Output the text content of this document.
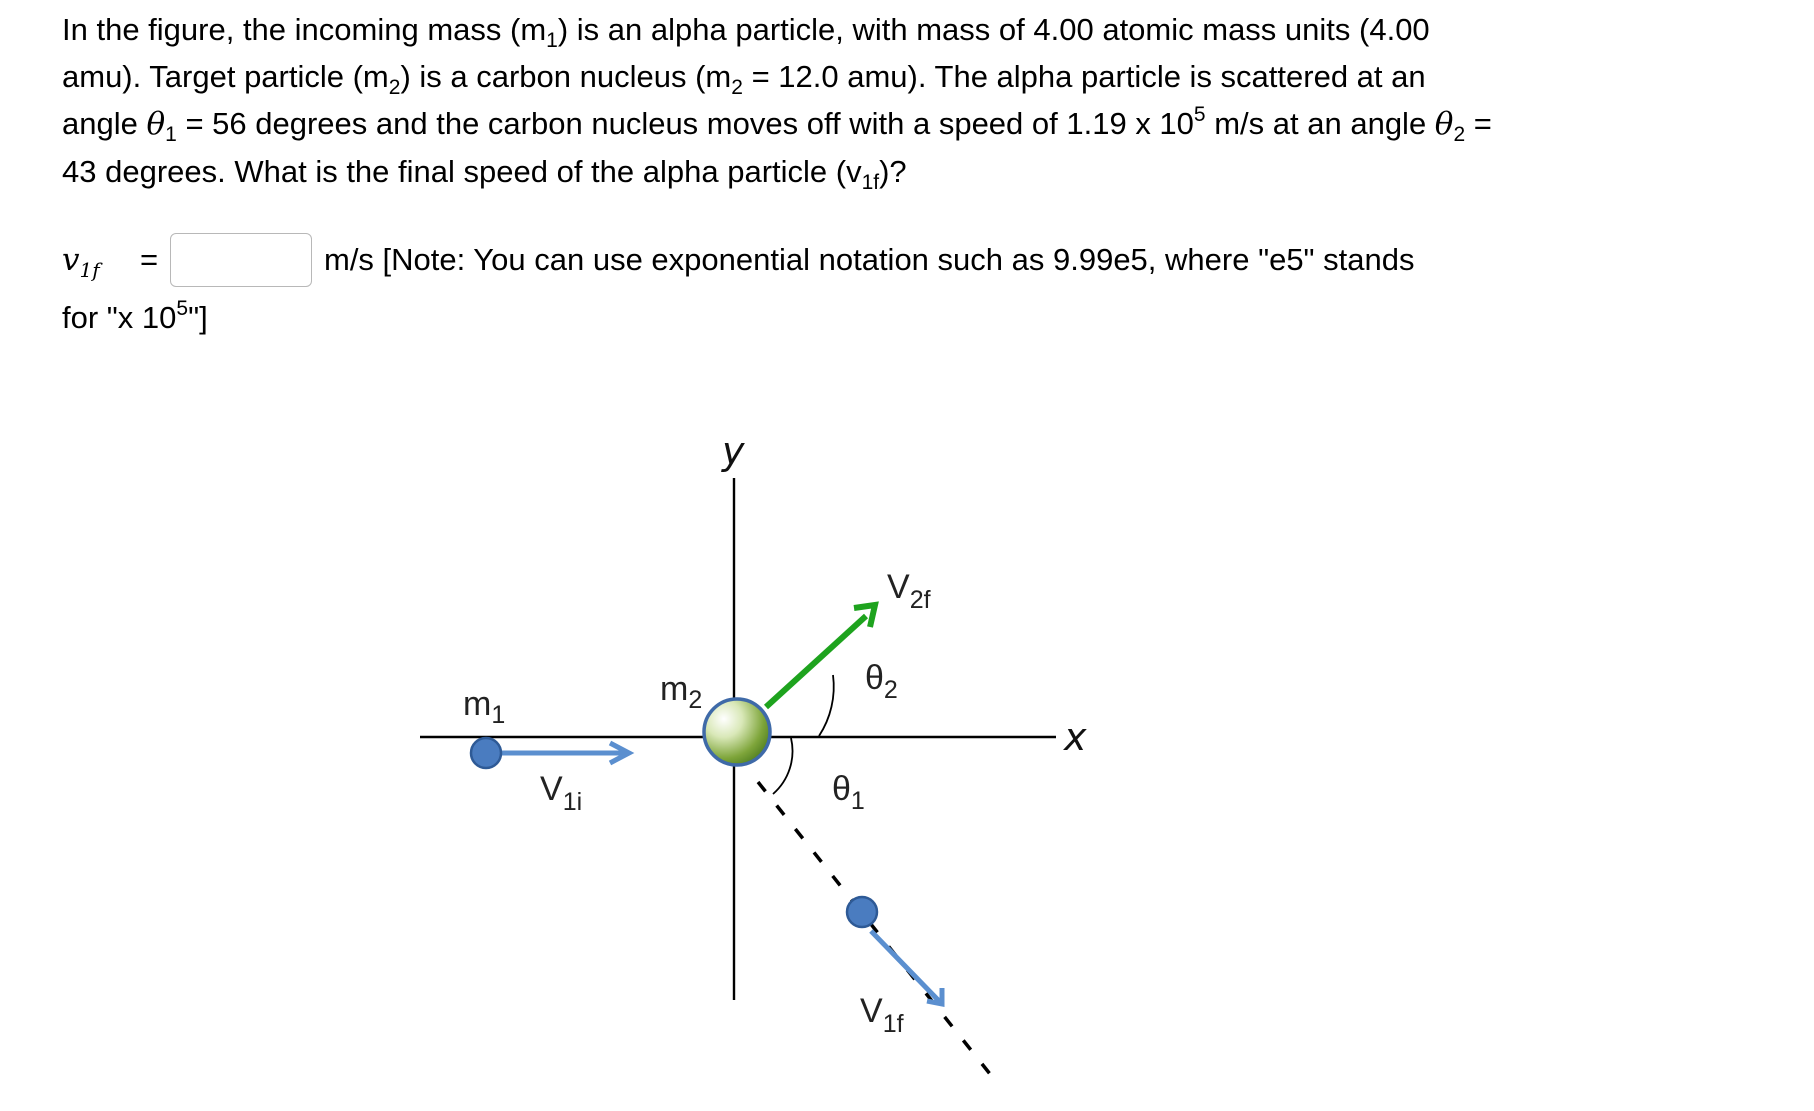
In the figure, the incoming mass $(m_1)$ is an alpha particle, with mass of 4.00 atomic mass units (4.00 amu). Target particle $(m_2)$ is a carbon nucleus ($m_2 = 12.0$ amu). The alpha particle is scattered at an angle $\theta_1 = 56$ degrees and the carbon nucleus moves off with a speed of 1.19 x $10^5$ m/s at an angle $\theta_2 = 43$ degrees. What is the final speed of the alpha particle $(v_{1f})$?

$v_{1f}$	=	m/s [Note: You can use exponential notation such as 9.99e5, where "e5" stands
for "x $10^5$"]
y
x
$m_1$
$m_2$
$V_{1i}$
$V_{2f}$
$V_{1f}$
$\theta_2$
$\theta_1$
